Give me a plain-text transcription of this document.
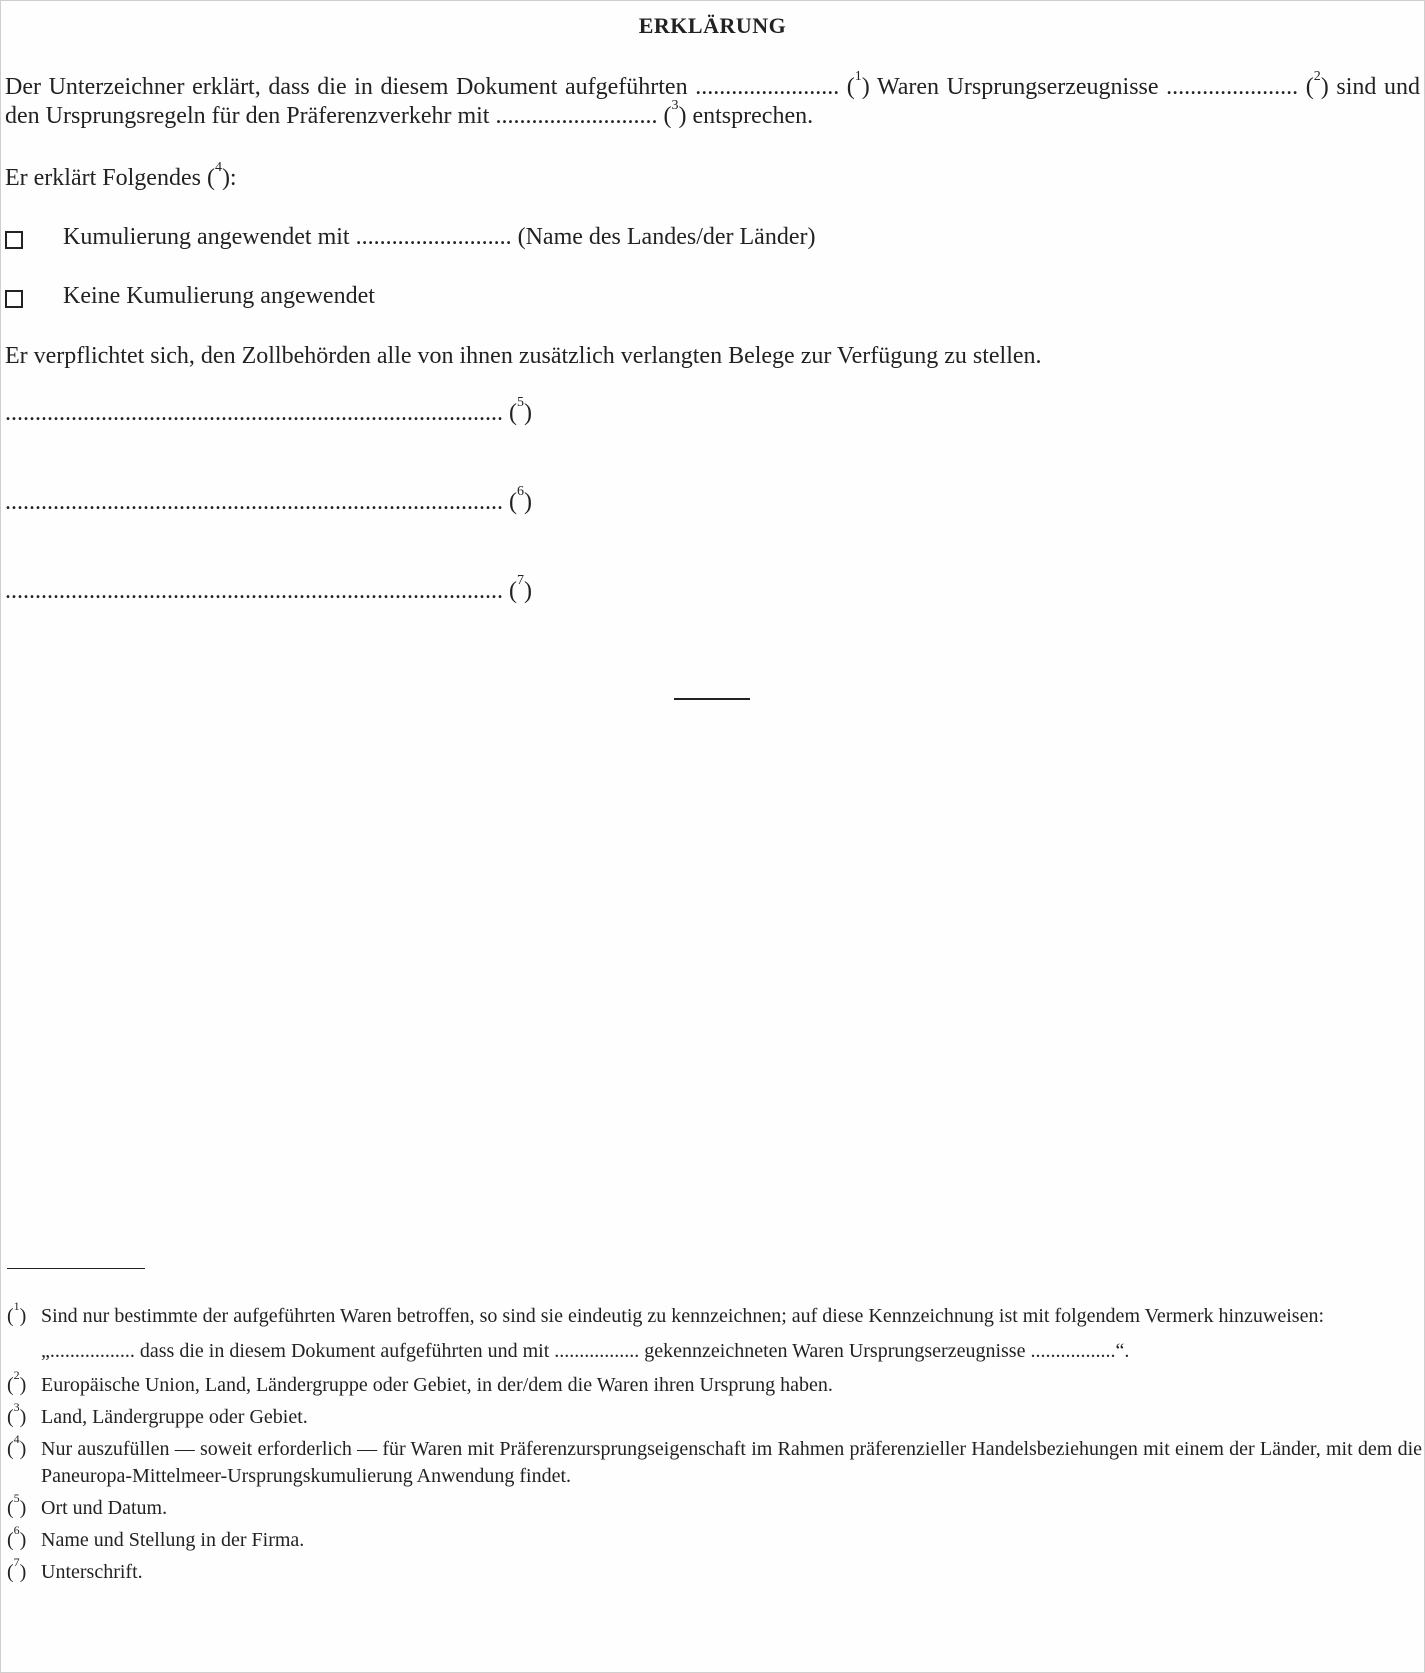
ERKLÄRUNG
Der Unterzeichner erklärt, dass die in diesem Dokument aufgeführten ........................ ($^1$) Waren Ursprungserzeugnisse ...................... ($^2$) sind und den Ursprungsregeln für den Präferenzverkehr mit ........................... ($^3$) entsprechen.
Er erklärt Folgendes ($^4$):
Kumulierung angewendet mit .......................... (Name des Landes/der Länder)
Keine Kumulierung angewendet
Er verpflichtet sich, den Zollbehörden alle von ihnen zusätzlich verlangten Belege zur Verfügung zu stellen.
................................................................................... ($^5$)
................................................................................... ($^6$)
................................................................................... ($^7$)
($^1$) Sind nur bestimmte der aufgeführten Waren betroffen, so sind sie eindeutig zu kennzeichnen; auf diese Kennzeichnung ist mit folgendem Vermerk hinzuweisen:
„................. dass die in diesem Dokument aufgeführten und mit ................. gekennzeichneten Waren Ursprungserzeugnisse .................“.
($^2$) Europäische Union, Land, Ländergruppe oder Gebiet, in der/dem die Waren ihren Ursprung haben.
($^3$) Land, Ländergruppe oder Gebiet.
($^4$) Nur auszufüllen — soweit erforderlich — für Waren mit Präferenzursprungseigenschaft im Rahmen präferenzieller Handelsbeziehungen mit einem der Länder, mit dem die Paneuropa-Mittelmeer-Ursprungskumulierung Anwendung findet.
($^5$) Ort und Datum.
($^6$) Name und Stellung in der Firma.
($^7$) Unterschrift.
